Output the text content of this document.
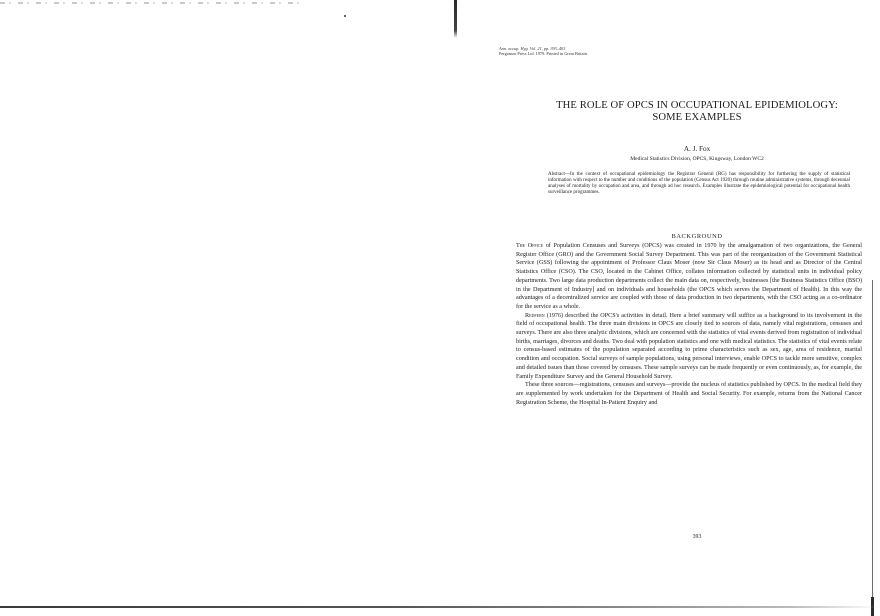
Ann. occup. Hyg. Vol. 21, pp. 393–403
Pergamon Press Ltd. 1979. Printed in Great Britain
THE ROLE OF OPCS IN OCCUPATIONAL EPIDEMIOLOGY:
SOME EXAMPLES
A. J. Fox
Medical Statistics Division, OPCS, Kingsway, London WC2
Abstract—In the context of occupational epidemiology the Registrar General (RG) has responsibility for furthering the supply of statistical information with respect to the number and conditions of the population (Census Act 1920) through routine administrative systems, through decennial analyses of mortality by occupation and area, and through ad hoc research. Examples illustrate the epidemiological potential for occupational health surveillance programmes.
BACKGROUND

The Office of Population Censuses and Surveys (OPCS) was created in 1970 by the amalgamation of two organizations, the General Register Office (GRO) and the Government Social Survey Department. This was part of the reorganization of the Government Statistical Service (GSS) following the appointment of Professor Claus Moser (now Sir Claus Moser) as its head and as Director of the Central Statistics Office (CSO). The CSO, located in the Cabinet Office, collates information collected by statistical units in individual policy departments. Two large data production departments collect the main data on, respectively, businesses [the Business Statistics Office (BSO) in the Department of Industry] and on individuals and households (the OPCS which serves the Department of Health). In this way the advantages of a decentralized service are coupled with those of data production in two departments, with the CSO acting as a co-ordinator for the service as a whole.

Redfern (1976) described the OPCS's activities in detail. Here a brief summary will suffice as a background to its involvement in the field of occupational health. The three main divisions in OPCS are closely tied to sources of data, namely vital registrations, censuses and surveys. There are also three analytic divisions, which are concerned with the statistics of vital events derived from registration of individual births, marriages, divorces and deaths. Two deal with population statistics and one with medical statistics. The statistics of vital events relate to census-based estimates of the population separated according to prime characteristics such as sex, age, area of residence, marital condition and occupation. Social surveys of sample populations, using personal interviews, enable OPCS to tackle more sensitive, complex and detailed issues than those covered by censuses. These sample surveys can be made frequently or even continuously, as, for example, the Family Expenditure Survey and the General Household Survey.

These three sources—registrations, censuses and surveys—provide the nucleus of statistics published by OPCS. In the medical field they are supplemented by work undertaken for the Department of Health and Social Security. For example, returns from the National Cancer Registration Scheme, the Hospital In-Patient Enquiry and

393
